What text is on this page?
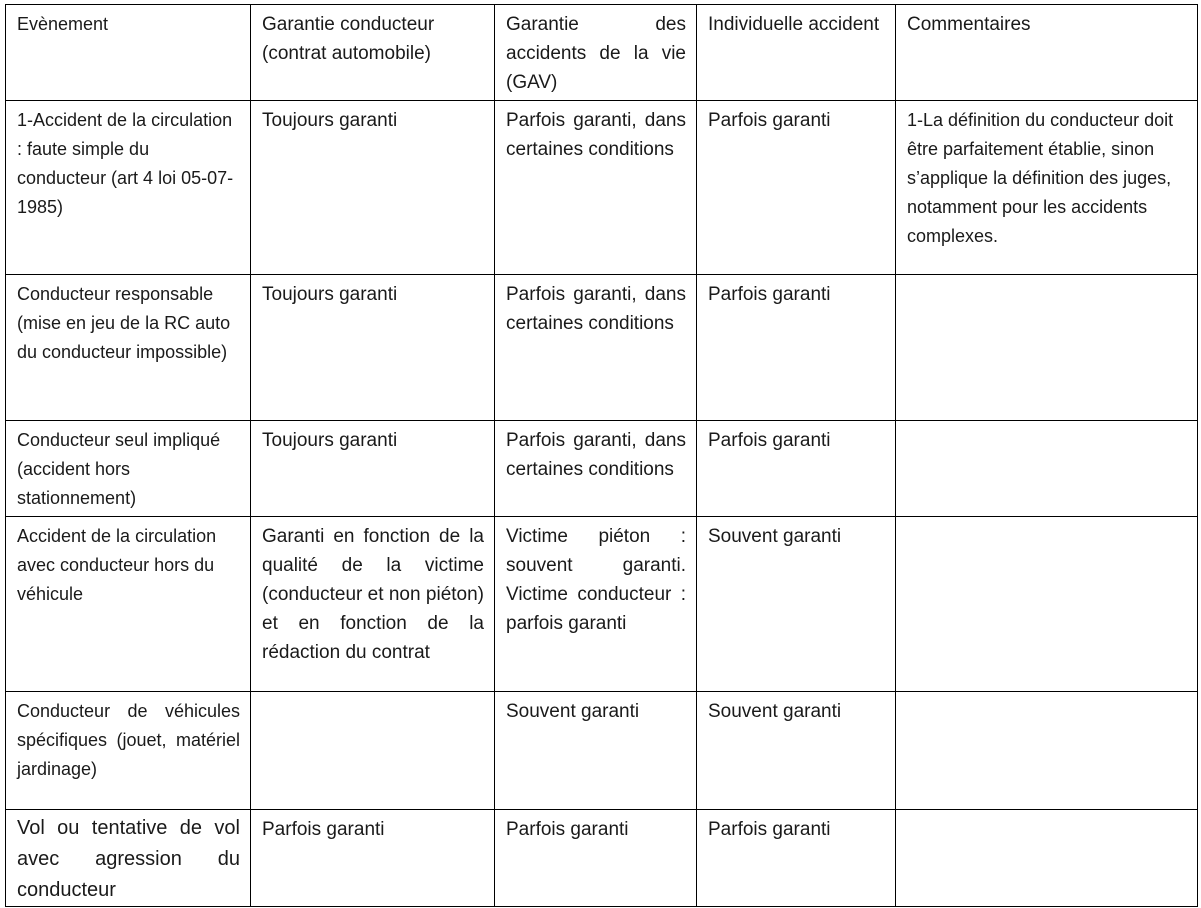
Evènement	Garantie conducteur (contrat automobile)	Garantie des accidents de la vie (GAV)	Individuelle accident	Commentaires

1-Accident de la circulation : faute simple du conducteur (art 4 loi 05-07-1985)	Toujours garanti	Parfois garanti, dans certaines conditions	Parfois garanti	1-La définition du conducteur doit être parfaitement établie, sinon s’applique la définition des juges, notamment pour les accidents complexes.

Conducteur responsable (mise en jeu de la RC auto du conducteur impossible)	Toujours garanti	Parfois garanti, dans certaines conditions	Parfois garanti	

Conducteur seul impliqué (accident hors stationnement)	Toujours garanti	Parfois garanti, dans certaines conditions	Parfois garanti	

Accident de la circulation avec conducteur hors du véhicule	Garanti en fonction de la qualité de la victime (conducteur et non piéton) et en fonction de la rédaction du contrat	Victime piéton : souvent garanti. Victime conducteur : parfois garanti	Souvent garanti	

Conducteur de véhicules spécifiques (jouet, matériel jardinage)		Souvent garanti	Souvent garanti	

Vol ou tentative de vol avec agression du conducteur	Parfois garanti	Parfois garanti	Parfois garanti	
